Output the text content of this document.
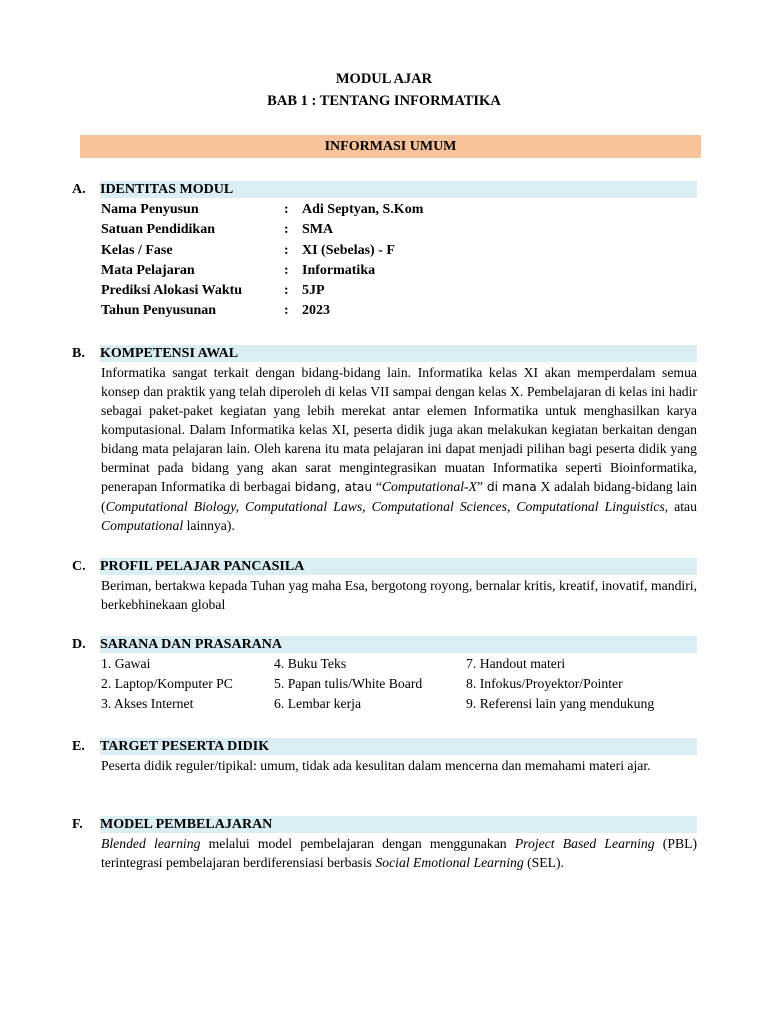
MODUL AJAR
BAB 1 : TENTANG INFORMATIKA
INFORMASI UMUM
A.	IDENTITAS MODUL
Nama Penyusun	: Adi Septyan, S.Kom
Satuan Pendidikan	: SMA
Kelas / Fase	: XI (Sebelas) - F
Mata Pelajaran	: Informatika
Prediksi Alokasi Waktu	: 5JP
Tahun Penyusunan	: 2023
B.	KOMPETENSI AWAL
Informatika sangat terkait dengan bidang-bidang lain. Informatika kelas XI akan memperdalam semua konsep dan praktik yang telah diperoleh di kelas VII sampai dengan kelas X. Pembelajaran di kelas ini hadir sebagai paket-paket kegiatan yang lebih merekat antar elemen Informatika untuk menghasilkan karya komputasional. Dalam Informatika kelas XI, peserta didik juga akan melakukan kegiatan berkaitan dengan bidang mata pelajaran lain. Oleh karena itu mata pelajaran ini dapat menjadi pilihan bagi peserta didik yang berminat pada bidang yang akan sarat mengintegrasikan muatan Informatika seperti Bioinformatika, penerapan Informatika di berbagai bidang, atau “Computational-X” di mana X adalah bidang-bidang lain (Computational Biology, Computational Laws, Computational Sciences, Computational Linguistics, atau Computational lainnya).
C.	PROFIL PELAJAR PANCASILA
Beriman, bertakwa kepada Tuhan yag maha Esa, bergotong royong, bernalar kritis, kreatif, inovatif, mandiri, berkebhinekaan global
D.	SARANA DAN PRASARANA
1. Gawai	4. Buku Teks	7. Handout materi
2. Laptop/Komputer PC	5. Papan tulis/White Board	8. Infokus/Proyektor/Pointer
3. Akses Internet	6. Lembar kerja	9. Referensi lain yang mendukung
E.	TARGET PESERTA DIDIK
Peserta didik reguler/tipikal: umum, tidak ada kesulitan dalam mencerna dan memahami materi ajar.
F.	MODEL PEMBELAJARAN
Blended learning melalui model pembelajaran dengan menggunakan Project Based Learning (PBL) terintegrasi pembelajaran berdiferensiasi berbasis Social Emotional Learning (SEL).
